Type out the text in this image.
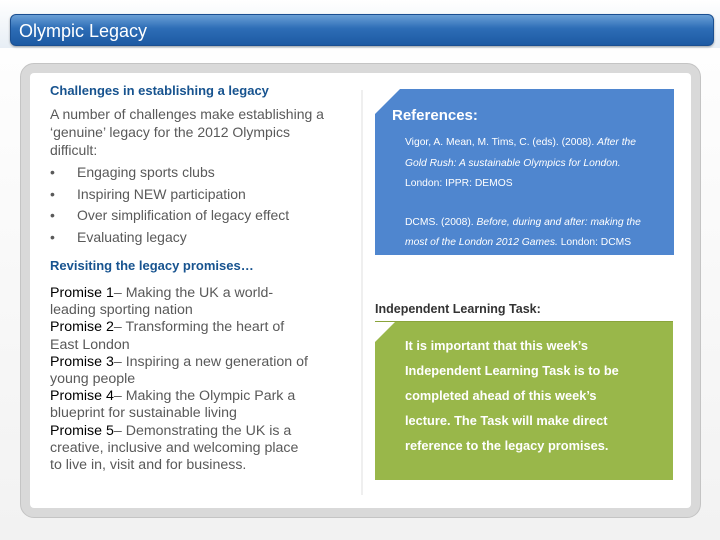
Olympic Legacy
Challenges in establishing a legacy
A number of challenges make establishing a
‘genuine’ legacy for the 2012 Olympics
difficult:
• Engaging sports clubs
• Inspiring NEW participation
• Over simplification of legacy effect
• Evaluating legacy
Revisiting the legacy promises…
Promise 1– Making the UK a world-
leading sporting nation
Promise 2– Transforming the heart of
East London
Promise 3– Inspiring a new generation of
young people
Promise 4– Making the Olympic Park a
blueprint for sustainable living
Promise 5– Demonstrating the UK is a
creative, inclusive and welcoming place
to live in, visit and for business.
References:
Vigor, A. Mean, M. Tims, C. (eds). (2008). After the
Gold Rush: A sustainable Olympics for London.
London: IPPR: DEMOS
DCMS. (2008). Before, during and after: making the
most of the London 2012 Games. London: DCMS
Independent Learning Task:
It is important that this week’s
Independent Learning Task is to be
completed ahead of this week’s
lecture. The Task will make direct
reference to the legacy promises.
